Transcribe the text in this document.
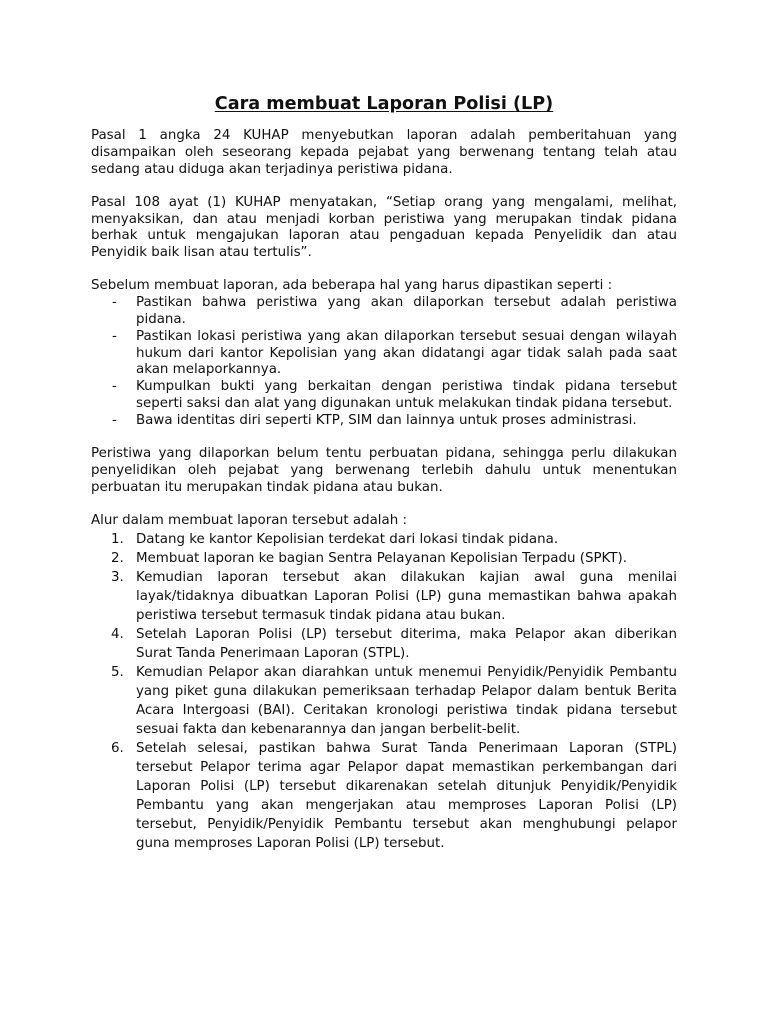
Cara membuat Laporan Polisi (LP)

Pasal 1 angka 24 KUHAP menyebutkan laporan adalah pemberitahuan yang disampaikan oleh seseorang kepada pejabat yang berwenang tentang telah atau sedang atau diduga akan terjadinya peristiwa pidana.

Pasal 108 ayat (1) KUHAP menyatakan, “Setiap orang yang mengalami, melihat, menyaksikan, dan atau menjadi korban peristiwa yang merupakan tindak pidana berhak untuk mengajukan laporan atau pengaduan kepada Penyelidik dan atau Penyidik baik lisan atau tertulis”.

Sebelum membuat laporan, ada beberapa hal yang harus dipastikan seperti :

- Pastikan bahwa peristiwa yang akan dilaporkan tersebut adalah peristiwa pidana.
- Pastikan lokasi peristiwa yang akan dilaporkan tersebut sesuai dengan wilayah hukum dari kantor Kepolisian yang akan didatangi agar tidak salah pada saat akan melaporkannya.
- Kumpulkan bukti yang berkaitan dengan peristiwa tindak pidana tersebut seperti saksi dan alat yang digunakan untuk melakukan tindak pidana tersebut.
- Bawa identitas diri seperti KTP, SIM dan lainnya untuk proses administrasi.

Peristiwa yang dilaporkan belum tentu perbuatan pidana, sehingga perlu dilakukan penyelidikan oleh pejabat yang berwenang terlebih dahulu untuk menentukan perbuatan itu merupakan tindak pidana atau bukan.

Alur dalam membuat laporan tersebut adalah :

1. Datang ke kantor Kepolisian terdekat dari lokasi tindak pidana.
2. Membuat laporan ke bagian Sentra Pelayanan Kepolisian Terpadu (SPKT).
3. Kemudian laporan tersebut akan dilakukan kajian awal guna menilai layak/tidaknya dibuatkan Laporan Polisi (LP) guna memastikan bahwa apakah peristiwa tersebut termasuk tindak pidana atau bukan.
4. Setelah Laporan Polisi (LP) tersebut diterima, maka Pelapor akan diberikan Surat Tanda Penerimaan Laporan (STPL).
5. Kemudian Pelapor akan diarahkan untuk menemui Penyidik/Penyidik Pembantu yang piket guna dilakukan pemeriksaan terhadap Pelapor dalam bentuk Berita Acara Intergoasi (BAI). Ceritakan kronologi peristiwa tindak pidana tersebut sesuai fakta dan kebenarannya dan jangan berbelit-belit.
6. Setelah selesai, pastikan bahwa Surat Tanda Penerimaan Laporan (STPL) tersebut Pelapor terima agar Pelapor dapat memastikan perkembangan dari Laporan Polisi (LP) tersebut dikarenakan setelah ditunjuk Penyidik/Penyidik Pembantu yang akan mengerjakan atau memproses Laporan Polisi (LP) tersebut, Penyidik/Penyidik Pembantu tersebut akan menghubungi pelapor guna memproses Laporan Polisi (LP) tersebut.
